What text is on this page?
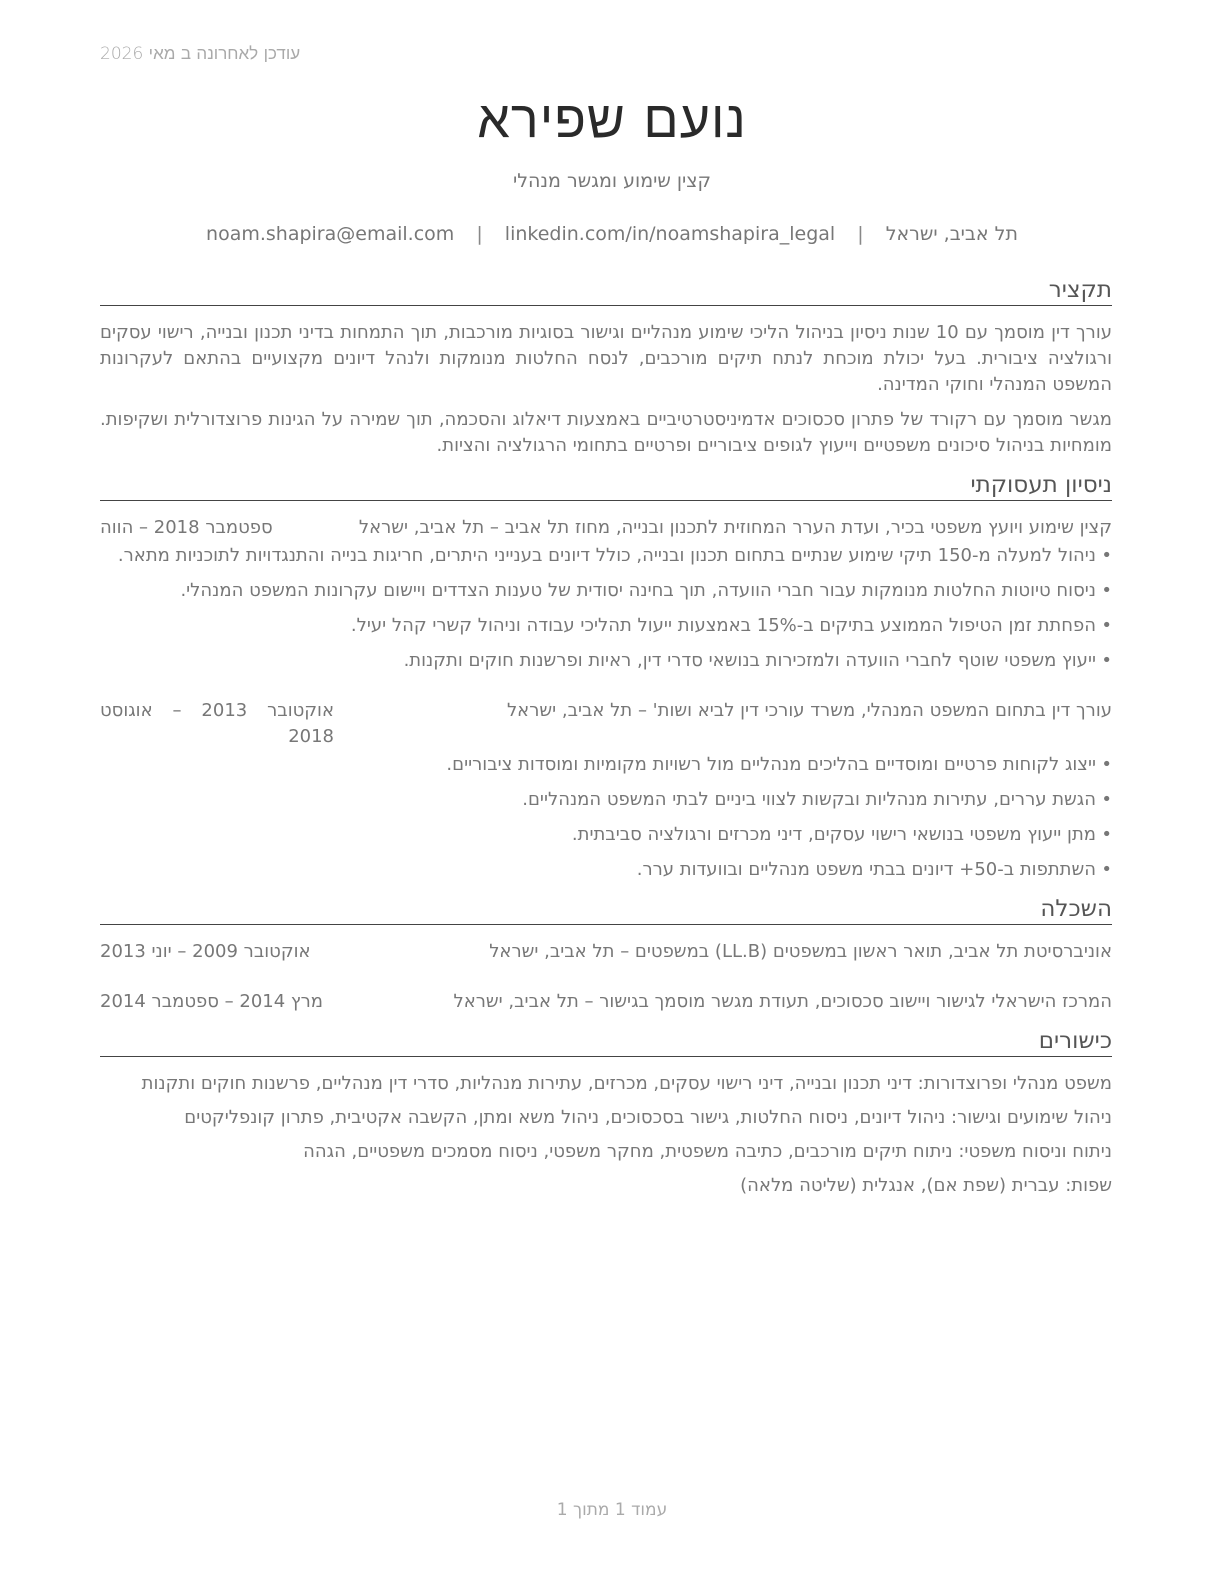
עודכן לאחרונה ב מאי 2026
נועם שפירא
קצין שימוע ומגשר מנהלי
תל אביב, ישראל | noam.shapira@email.com | linkedin.com/in/noamshapira_legal
תקציר

עורך דין מוסמך עם 10 שנות ניסיון בניהול הליכי שימוע מנהליים וגישור בסוגיות מורכבות, תוך התמחות בדיני תכנון ובנייה, רישוי עסקים ורגולציה ציבורית. בעל יכולת מוכחת לנתח תיקים מורכבים, לנסח החלטות מנומקות ולנהל דיונים מקצועיים בהתאם לעקרונות המשפט המנהלי וחוקי המדינה.

מגשר מוסמך עם רקורד של פתרון סכסוכים אדמיניסטרטיביים באמצעות דיאלוג והסכמה, תוך שמירה על הגינות פרוצדורלית ושקיפות. מומחיות בניהול סיכונים משפטיים וייעוץ לגופים ציבוריים ופרטיים בתחומי הרגולציה והציות.

ניסיון תעסוקתי
קצין שימוע ויועץ משפטי בכיר, ועדת הערר המחוזית לתכנון ובנייה, מחוז תל אביב – תל אביב, ישראל
ספטמבר 2018 – הווה
• ניהול למעלה מ-150 תיקי שימוע שנתיים בתחום תכנון ובנייה, כולל דיונים בענייני היתרים, חריגות בנייה והתנגדויות לתוכניות מתאר.
• ניסוח טיוטות החלטות מנומקות עבור חברי הוועדה, תוך בחינה יסודית של טענות הצדדים ויישום עקרונות המשפט המנהלי.
• הפחתת זמן הטיפול הממוצע בתיקים ב-15% באמצעות ייעול תהליכי עבודה וניהול קשרי קהל יעיל.
• ייעוץ משפטי שוטף לחברי הוועדה ולמזכירות בנושאי סדרי דין, ראיות ופרשנות חוקים ותקנות.
עורך דין בתחום המשפט המנהלי, משרד עורכי דין לביא ושות' – תל אביב, ישראל
אוקטובר 2013 – אוגוסט 2018
• ייצוג לקוחות פרטיים ומוסדיים בהליכים מנהליים מול רשויות מקומיות ומוסדות ציבוריים.
• הגשת עררים, עתירות מנהליות ובקשות לצווי ביניים לבתי המשפט המנהליים.
• מתן ייעוץ משפטי בנושאי רישוי עסקים, דיני מכרזים ורגולציה סביבתית.
• השתתפות ב-50+ דיונים בבתי משפט מנהליים ובוועדות ערר.
השכלה
אוניברסיטת תל אביב, תואר ראשון במשפטים (LL.B) במשפטים – תל אביב, ישראל
אוקטובר 2009 – יוני 2013
המרכז הישראלי לגישור ויישוב סכסוכים, תעודת מגשר מוסמך בגישור – תל אביב, ישראל
מרץ 2014 – ספטמבר 2014
כישורים
משפט מנהלי ופרוצדורות: דיני תכנון ובנייה, דיני רישוי עסקים, מכרזים, עתירות מנהליות, סדרי דין מנהליים, פרשנות חוקים ותקנות
ניהול שימועים וגישור: ניהול דיונים, ניסוח החלטות, גישור בסכסוכים, ניהול משא ומתן, הקשבה אקטיבית, פתרון קונפליקטים
ניתוח וניסוח משפטי: ניתוח תיקים מורכבים, כתיבה משפטית, מחקר משפטי, ניסוח מסמכים משפטיים, הגהה
שפות: עברית (שפת אם), אנגלית (שליטה מלאה)
עמוד 1 מתוך 1
